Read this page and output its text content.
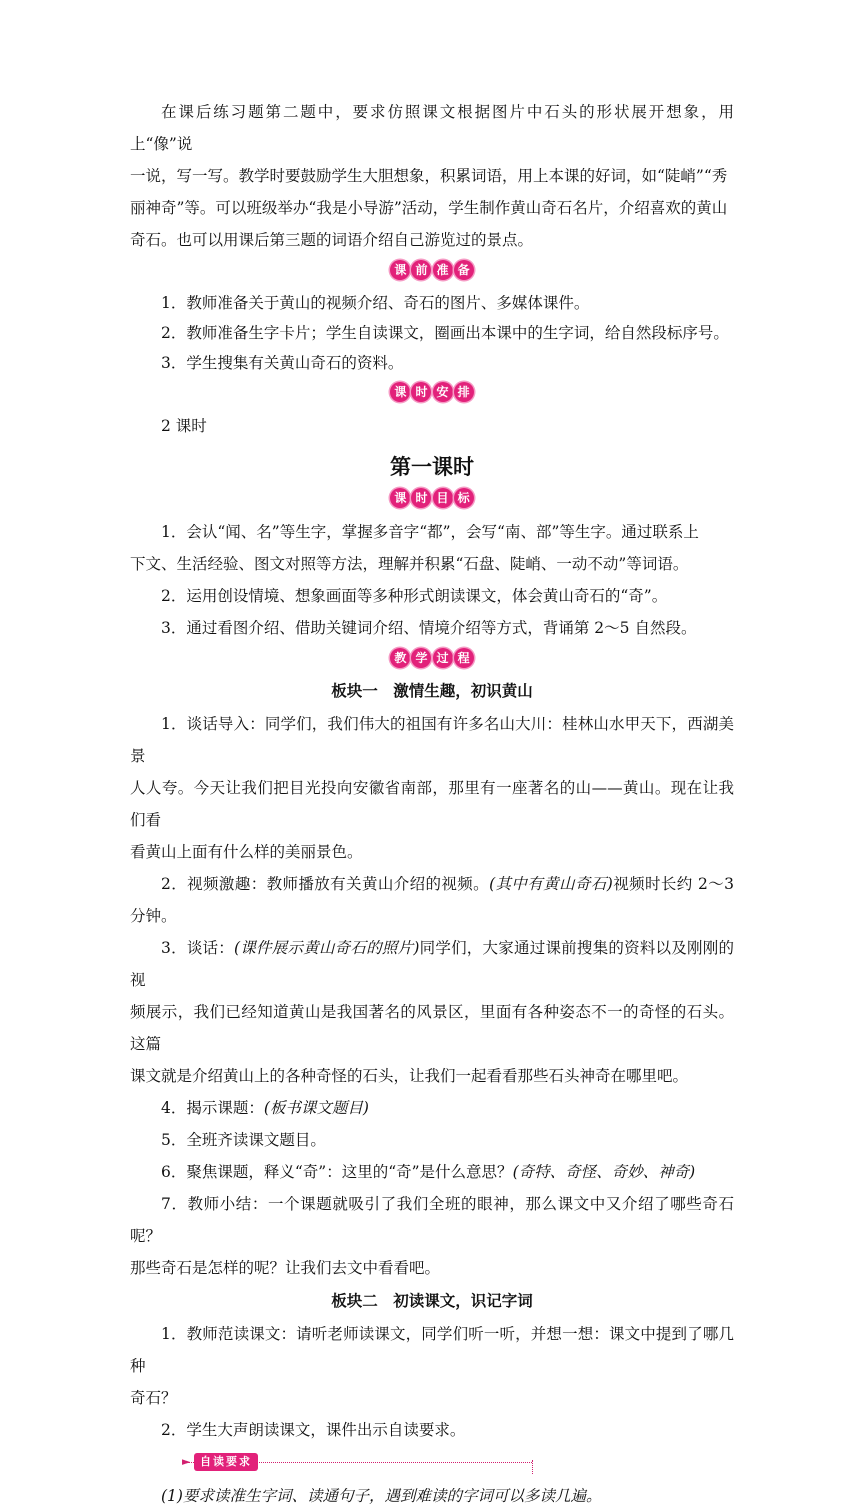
在课后练习题第二题中，要求仿照课文根据图片中石头的形状展开想象，用上“像”说

一说，写一写。教学时要鼓励学生大胆想象，积累词语，用上本课的好词，如“陡峭”“秀

丽神奇”等。可以班级举办“我是小导游”活动，学生制作黄山奇石名片，介绍喜欢的黄山

奇石。也可以用课后第三题的词语介绍自己游览过的景点。

课 前 准 备

1．教师准备关于黄山的视频介绍、奇石的图片、多媒体课件。

2．教师准备生字卡片；学生自读课文，圈画出本课中的生字词，给自然段标序号。

3．学生搜集有关黄山奇石的资料。

课 时 安 排

2 课时

第一课时
课 时 目 标

1．会认“闻、名”等生字，掌握多音字“都”，会写“南、部”等生字。通过联系上

下文、生活经验、图文对照等方法，理解并积累“石盘、陡峭、一动不动”等词语。

2．运用创设情境、想象画面等多种形式朗读课文，体会黄山奇石的“奇”。

3．通过看图介绍、借助关键词介绍、情境介绍等方式，背诵第 2～5 自然段。

教 学 过 程
板块一　激情生趣，初识黄山

1．谈话导入：同学们，我们伟大的祖国有许多名山大川：桂林山水甲天下，西湖美景

人人夸。今天让我们把目光投向安徽省南部，那里有一座著名的山——黄山。现在让我们看

看黄山上面有什么样的美丽景色。

2．视频激趣：教师播放有关黄山介绍的视频。(其中有黄山奇石)视频时长约 2～3 分钟。

3．谈话：(课件展示黄山奇石的照片)同学们，大家通过课前搜集的资料以及刚刚的视

频展示，我们已经知道黄山是我国著名的风景区，里面有各种姿态不一的奇怪的石头。这篇

课文就是介绍黄山上的各种奇怪的石头，让我们一起看看那些石头神奇在哪里吧。

4．揭示课题：(板书课文题目)

5．全班齐读课文题目。

6．聚焦课题，释义“奇”：这里的“奇”是什么意思？(奇特、奇怪、奇妙、神奇)

7．教师小结：一个课题就吸引了我们全班的眼神，那么课文中又介绍了哪些奇石呢？

那些奇石是怎样的呢？让我们去文中看看吧。

板块二　初读课文，识记字词

1．教师范读课文：请听老师读课文，同学们听一听，并想一想：课文中提到了哪几种

奇石？

2．学生大声朗读课文，课件出示自读要求。

► 自读要求

(1)要求读准生字词、读通句子，遇到难读的字词可以多读几遍。
